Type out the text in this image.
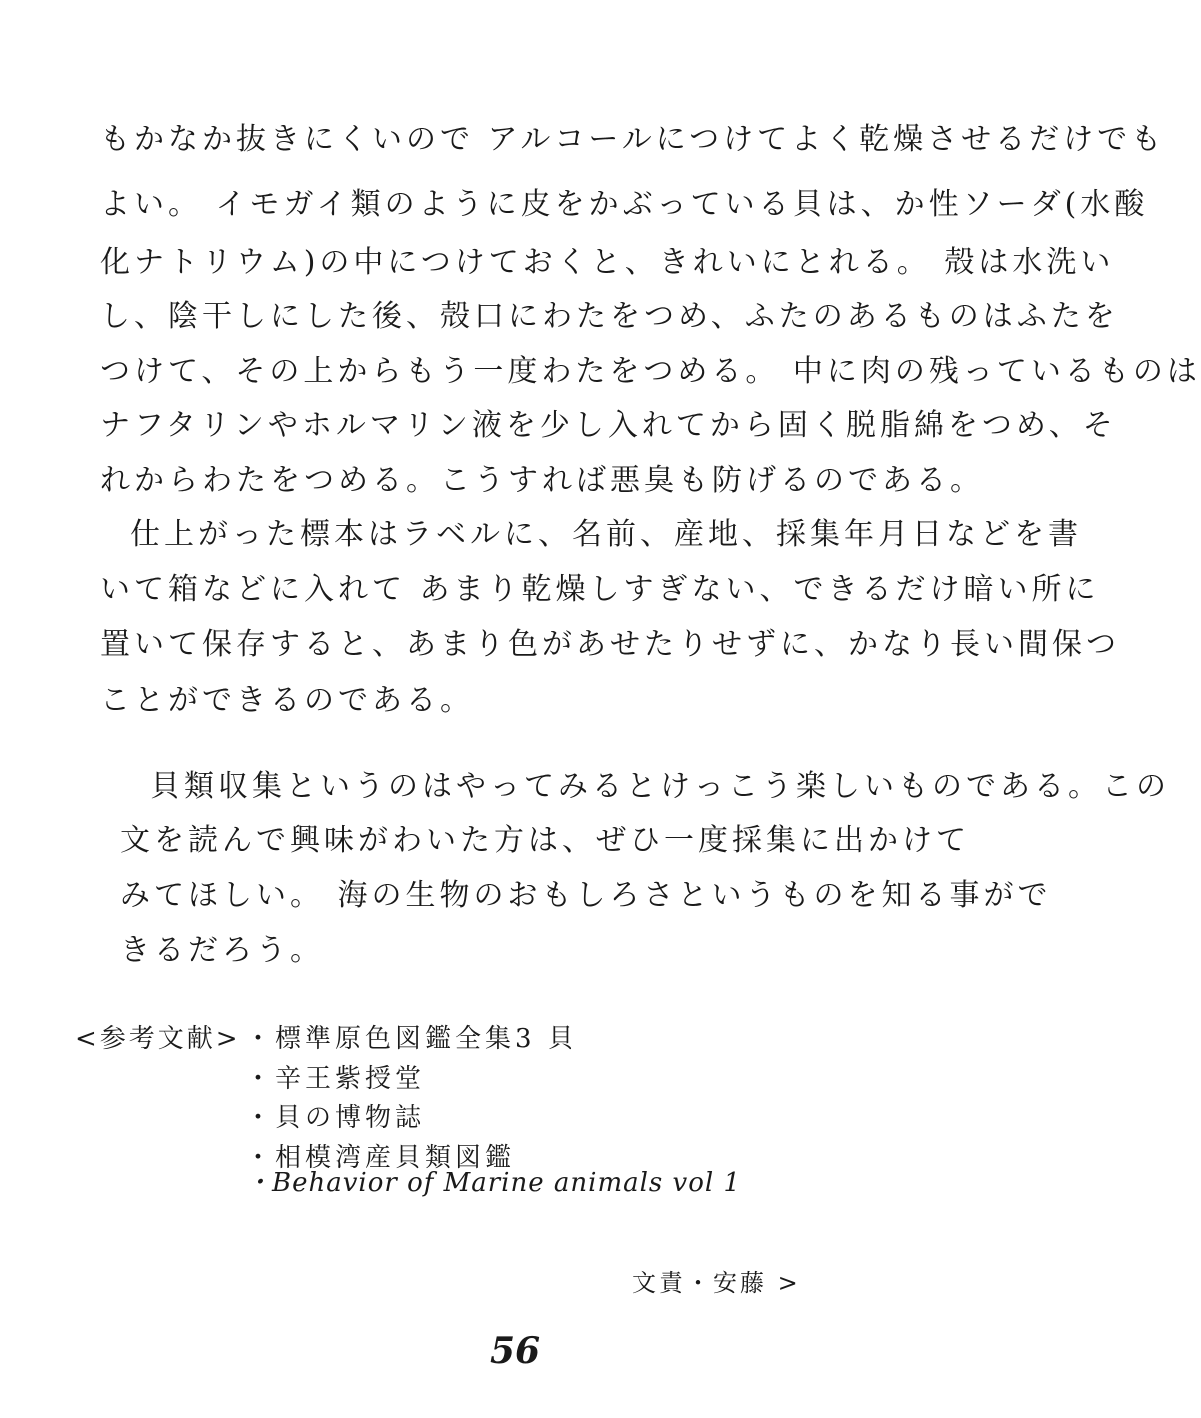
もかなか抜きにくいので アルコールにつけてよく乾燥させるだけでも
よい。 イモガイ類のように皮をかぶっている貝は、か性ソーダ(水酸
化ナトリウム)の中につけておくと、きれいにとれる。 殻は水洗い
し、陰干しにした後、殻口にわたをつめ、ふたのあるものはふたを
つけて、その上からもう一度わたをつめる。 中に肉の残っているものは
ナフタリンやホルマリン液を少し入れてから固く脱脂綿をつめ、そ
れからわたをつめる。こうすれば悪臭も防げるのである。
仕上がった標本はラベルに、名前、産地、採集年月日などを書
いて箱などに入れて あまり乾燥しすぎない、できるだけ暗い所に
置いて保存すると、あまり色があせたりせずに、かなり長い間保つ
ことができるのである。
貝類収集というのはやってみるとけっこう楽しいものである。この
文を読んで興味がわいた方は、ぜひ一度採集に出かけて
みてほしい。 海の生物のおもしろさというものを知る事がで
きるだろう。
<参考文献> ・標準原色図鑑全集3 貝
・辛王紫授堂
・貝の博物誌
・相模湾産貝類図鑑
・Behavior of Marine animals vol 1
文責・安藤 >
56
